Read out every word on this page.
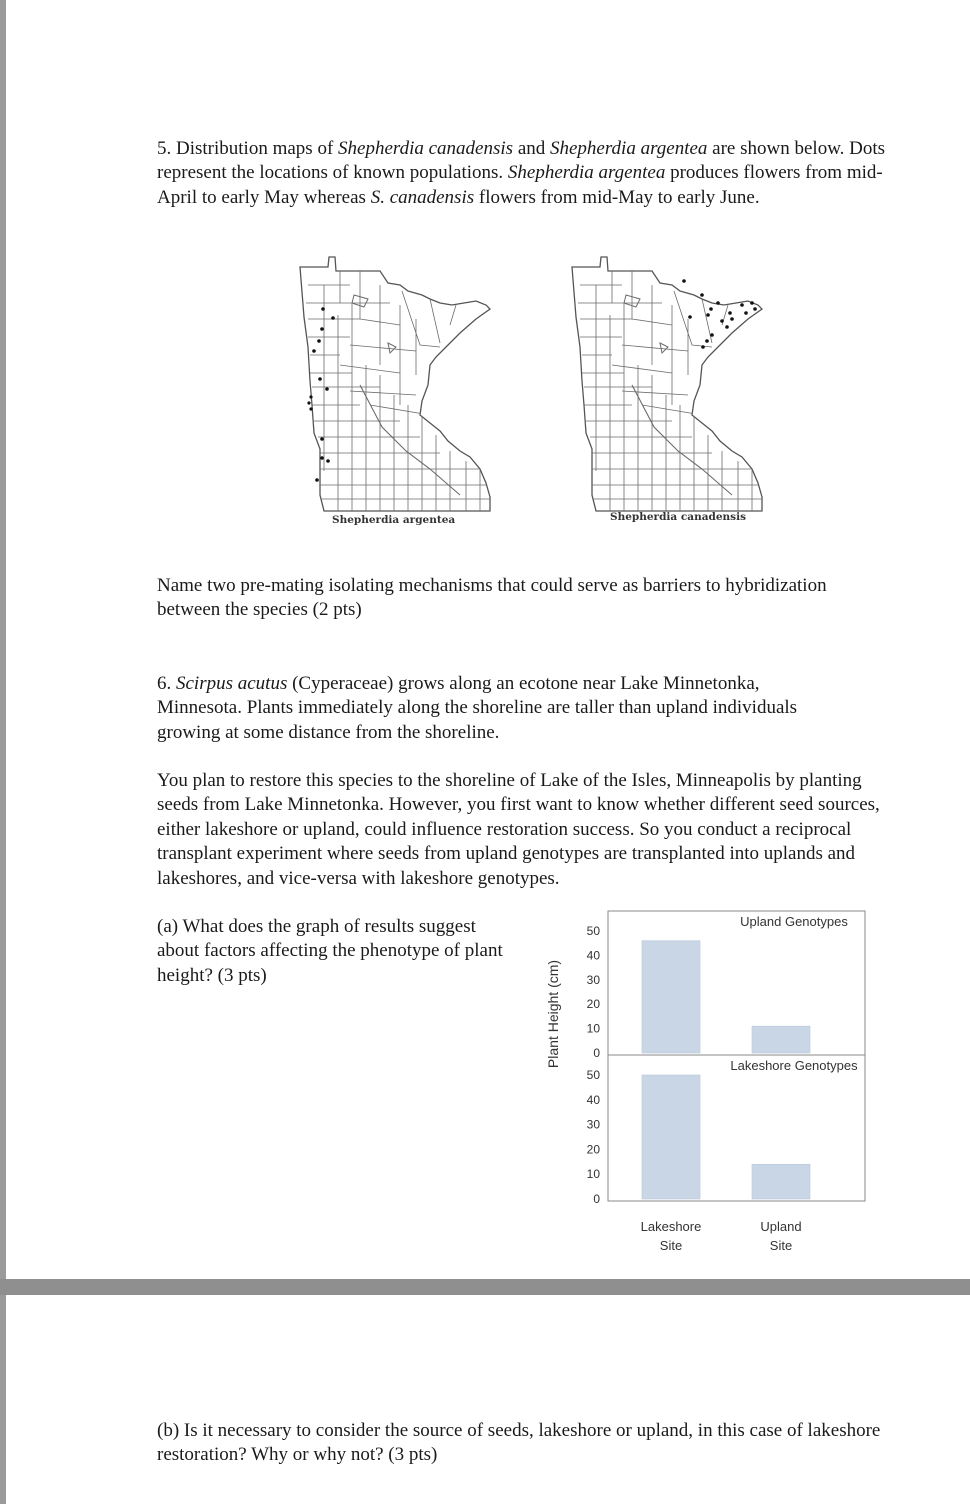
5. Distribution maps of Shepherdia canadensis and Shepherdia argentea are shown below. Dots represent the locations of known populations. Shepherdia argentea produces flowers from mid-April to early May whereas S. canadensis flowers from mid-May to early June.

Shepherdia argentea	Shepherdia canadensis

Name two pre-mating isolating mechanisms that could serve as barriers to hybridization between the species (2 pts)

6. Scirpus acutus (Cyperaceae) grows along an ecotone near Lake Minnetonka, Minnesota. Plants immediately along the shoreline are taller than upland individuals growing at some distance from the shoreline.

You plan to restore this species to the shoreline of Lake of the Isles, Minneapolis by planting seeds from Lake Minnetonka. However, you first want to know whether different seed sources, either lakeshore or upland, could influence restoration success. So you conduct a reciprocal transplant experiment where seeds from upland genotypes are transplanted into uplands and lakeshores, and vice-versa with lakeshore genotypes.

(a) What does the graph of results suggest about factors affecting the phenotype of plant height? (3 pts)	Plant Height (cm)
50
40
30
20
10
0
Upland Genotypes
50
40
30
20
10
0
Lakeshore Genotypes
Lakeshore
Site
Upland
Site

(b) Is it necessary to consider the source of seeds, lakeshore or upland, in this case of lakeshore restoration? Why or why not? (3 pts)
